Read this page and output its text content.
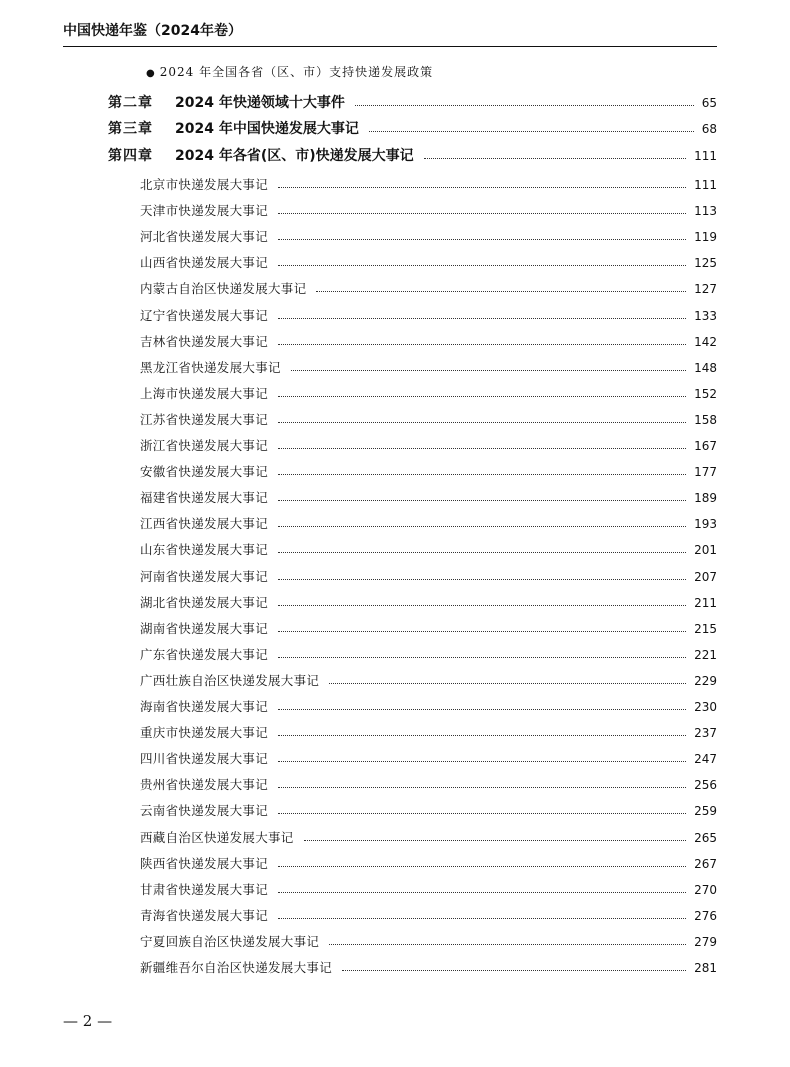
中国快递年鉴（2024年卷）
● 2024 年全国各省（区、市）支持快递发展政策
第二章 2024 年快递领域十大事件	65
第三章 2024 年中国快递发展大事记	68
第四章 2024 年各省(区、市)快递发展大事记	111
北京市快递发展大事记	111
天津市快递发展大事记	113
河北省快递发展大事记	119
山西省快递发展大事记	125
内蒙古自治区快递发展大事记	127
辽宁省快递发展大事记	133
吉林省快递发展大事记	142
黑龙江省快递发展大事记	148
上海市快递发展大事记	152
江苏省快递发展大事记	158
浙江省快递发展大事记	167
安徽省快递发展大事记	177
福建省快递发展大事记	189
江西省快递发展大事记	193
山东省快递发展大事记	201
河南省快递发展大事记	207
湖北省快递发展大事记	211
湖南省快递发展大事记	215
广东省快递发展大事记	221
广西壮族自治区快递发展大事记	229
海南省快递发展大事记	230
重庆市快递发展大事记	237
四川省快递发展大事记	247
贵州省快递发展大事记	256
云南省快递发展大事记	259
西藏自治区快递发展大事记	265
陕西省快递发展大事记	267
甘肃省快递发展大事记	270
青海省快递发展大事记	276
宁夏回族自治区快递发展大事记	279
新疆维吾尔自治区快递发展大事记	281
— 2 —
